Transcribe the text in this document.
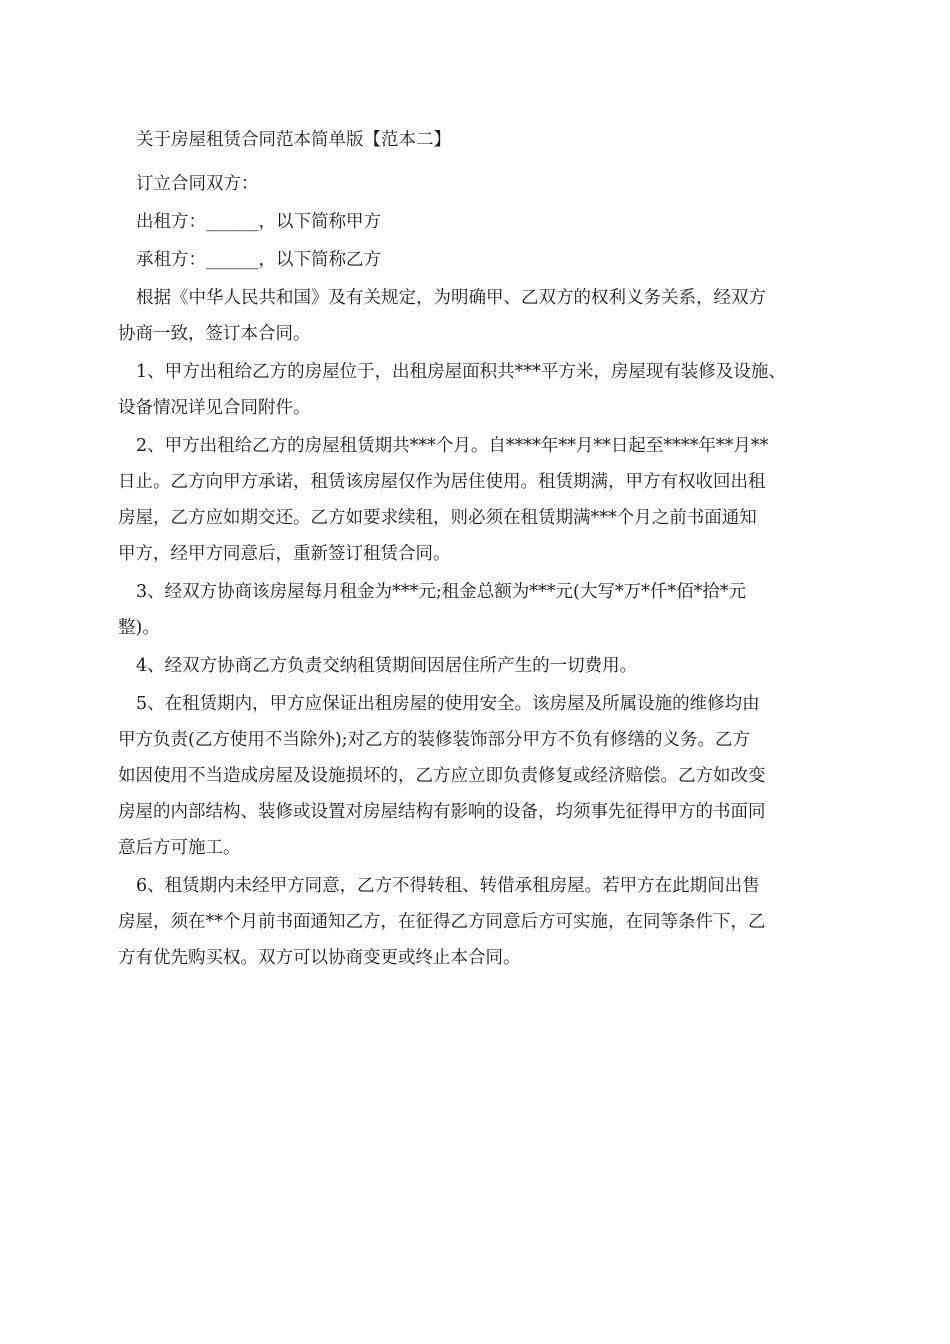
关于房屋租赁合同范本简单版【范本二】
订立合同双方：
出租方：______，以下简称甲方
承租方：______，以下简称乙方
根据《中华人民共和国》及有关规定，为明确甲、乙双方的权利义务关系，经双方
协商一致，签订本合同。
1、甲方出租给乙方的房屋位于，出租房屋面积共***平方米，房屋现有装修及设施、
设备情况详见合同附件。
2、甲方出租给乙方的房屋租赁期共***个月。自****年**月**日起至****年**月**
日止。乙方向甲方承诺，租赁该房屋仅作为居住使用。租赁期满，甲方有权收回出租
房屋，乙方应如期交还。乙方如要求续租，则必须在租赁期满***个月之前书面通知
甲方，经甲方同意后，重新签订租赁合同。
3、经双方协商该房屋每月租金为***元;租金总额为***元(大写*万*仟*佰*拾*元
整)。
4、经双方协商乙方负责交纳租赁期间因居住所产生的一切费用。
5、在租赁期内，甲方应保证出租房屋的使用安全。该房屋及所属设施的维修均由
甲方负责(乙方使用不当除外);对乙方的装修装饰部分甲方不负有修缮的义务。乙方
如因使用不当造成房屋及设施损坏的，乙方应立即负责修复或经济赔偿。乙方如改变
房屋的内部结构、装修或设置对房屋结构有影响的设备，均须事先征得甲方的书面同
意后方可施工。
6、租赁期内未经甲方同意，乙方不得转租、转借承租房屋。若甲方在此期间出售
房屋，须在**个月前书面通知乙方，在征得乙方同意后方可实施，在同等条件下，乙
方有优先购买权。双方可以协商变更或终止本合同。
